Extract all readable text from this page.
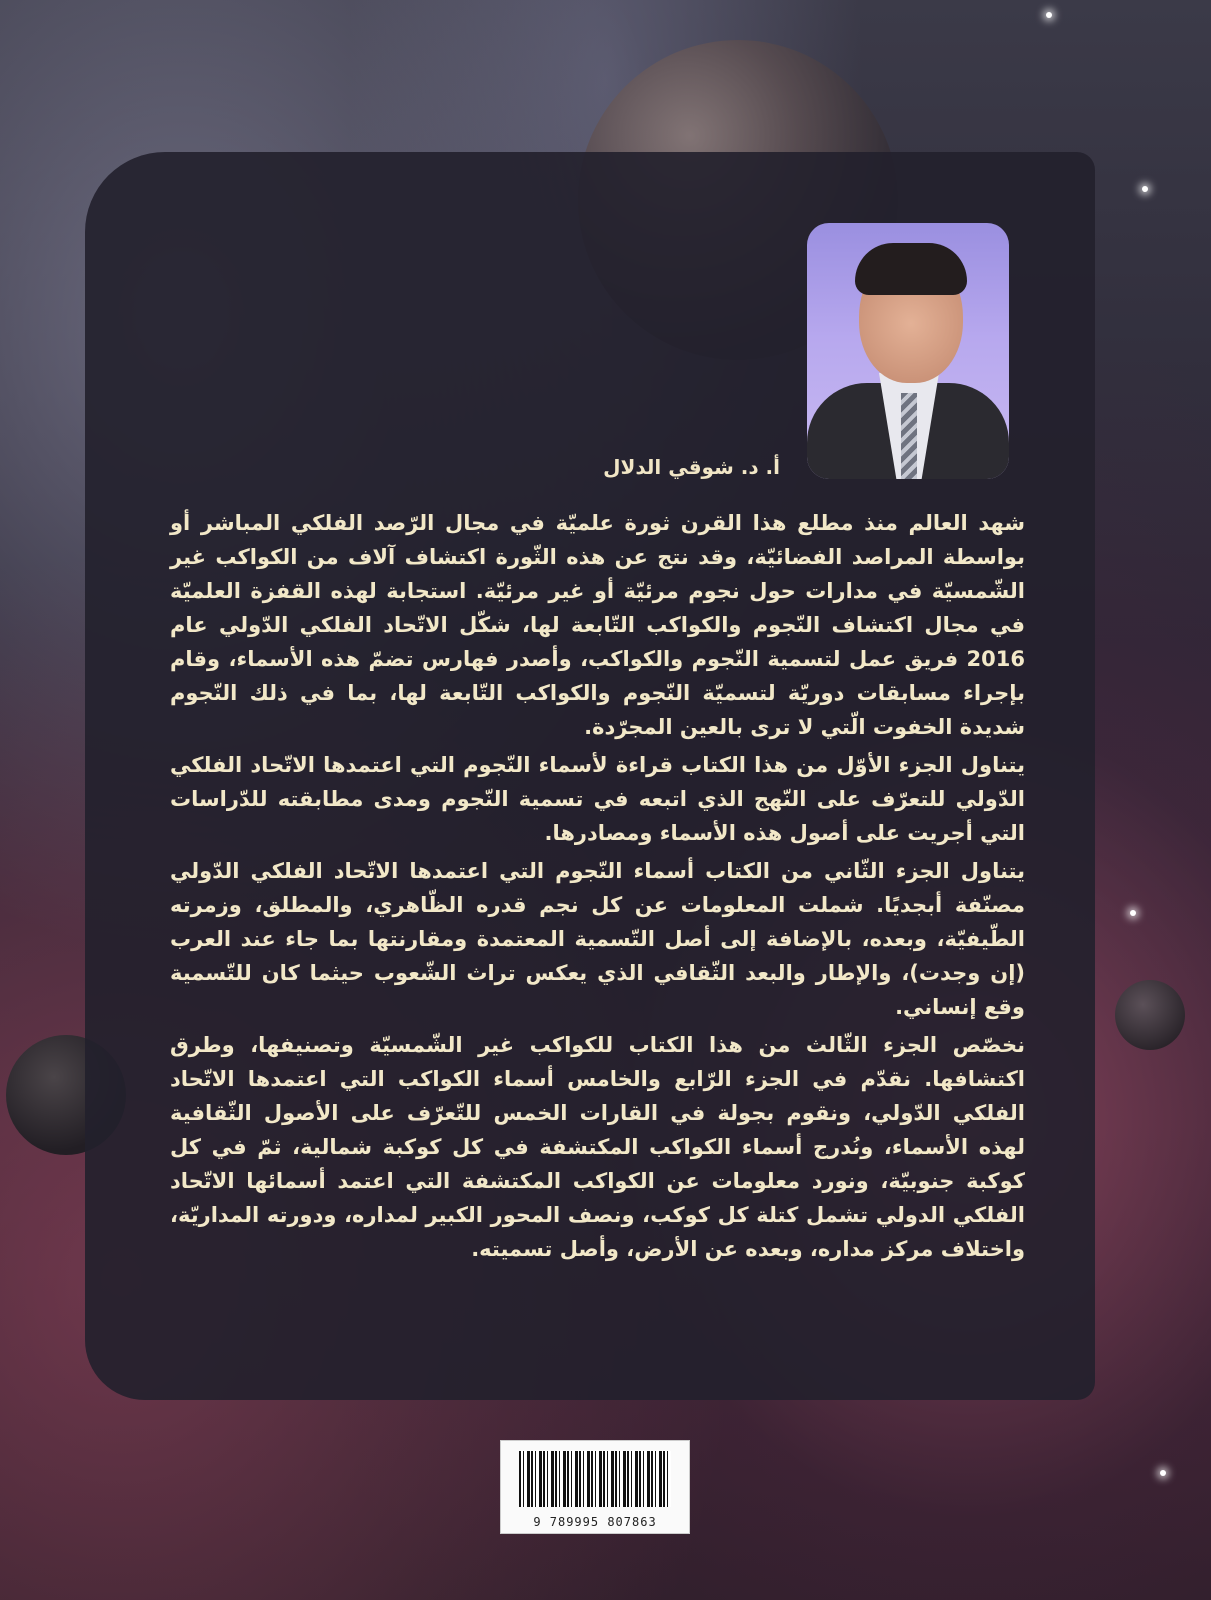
أ. د. شوقي الدلال

شهد العالم منذ مطلع هذا القرن ثورة علميّة في مجال الرّصد الفلكي المباشر أو بواسطة المراصد الفضائيّة، وقد نتج عن هذه الثّورة اكتشاف آلاف من الكواكب غير الشّمسيّة في مدارات حول نجوم مرئيّة أو غير مرئيّة. استجابة لهذه القفزة العلميّة في مجال اكتشاف النّجوم والكواكب التّابعة لها، شكّل الاتّحاد الفلكي الدّولي عام 2016 فريق عمل لتسمية النّجوم والكواكب، وأصدر فهارس تضمّ هذه الأسماء، وقام بإجراء مسابقات دوريّة لتسميّة النّجوم والكواكب التّابعة لها، بما في ذلك النّجوم شديدة الخفوت الّتي لا ترى بالعين المجرّدة.

يتناول الجزء الأوّل من هذا الكتاب قراءة لأسماء النّجوم التي اعتمدها الاتّحاد الفلكي الدّولي للتعرّف على النّهج الذي اتبعه في تسمية النّجوم ومدى مطابقته للدّراسات التي أجريت على أصول هذه الأسماء ومصادرها.

يتناول الجزء الثّاني من الكتاب أسماء النّجوم التي اعتمدها الاتّحاد الفلكي الدّولي مصنّفة أبجديًا. شملت المعلومات عن كل نجم قدره الظّاهري، والمطلق، وزمرته الطّيفيّة، وبعده، بالإضافة إلى أصل التّسمية المعتمدة ومقارنتها بما جاء عند العرب (إن وجدت)، والإطار والبعد الثّقافي الذي يعكس تراث الشّعوب حيثما كان للتّسمية وقع إنساني.

نخصّص الجزء الثّالث من هذا الكتاب للكواكب غير الشّمسيّة وتصنيفها، وطرق اكتشافها. نقدّم في الجزء الرّابع والخامس أسماء الكواكب التي اعتمدها الاتّحاد الفلكي الدّولي، ونقوم بجولة في القارات الخمس للتّعرّف على الأصول الثّقافية لهذه الأسماء، ونُدرج أسماء الكواكب المكتشفة في كل كوكبة شمالية، ثمّ في كل كوكبة جنوبيّة، ونورد معلومات عن الكواكب المكتشفة التي اعتمد أسمائها الاتّحاد الفلكي الدولي تشمل كتلة كل كوكب، ونصف المحور الكبير لمداره، ودورته المداريّة، واختلاف مركز مداره، وبعده عن الأرض، وأصل تسميته.

9 789995 807863
